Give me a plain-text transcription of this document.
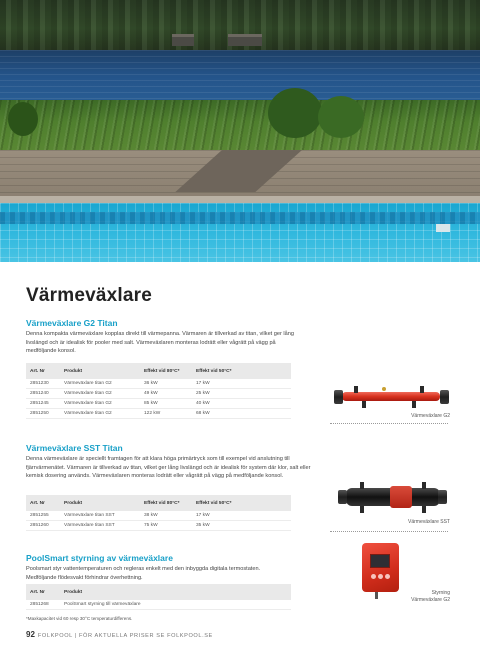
Värmeväxlare
Värmeväxlare G2 Titan
Denna kompakta värmeväxlare kopplas direkt till värmepanna. Värmaren är tillverkad av titan, vilket ger lång livslängd och är idealisk för pooler med salt. Värmeväxlaren monteras lodrätt eller vågrätt på vägg på medföljande konsol.
Art. Nr	Produkt	Effekt vid 80°C*	Effekt vid 50°C*
2851230	Värmeväxlare titan G2	36 kW	17 kW
2851240	Värmeväxlare titan G2	49 kW	25 kW
2851245	Värmeväxlare titan G2	85 kW	40 kW
2851250	Värmeväxlare titan G2	122 kW	68 kW	Värmeväxlare G2
Värmeväxlare SST Titan
Denna värmeväxlare är speciellt framtagen för att klara höga primärtryck som till exempel vid anslutning till fjärrvärmenätet. Värmaren är tillverkad av titan, vilket ger lång livslängd och är idealisk för system där klor, salt eller kemisk dosering används. Värmeväxlaren monteras lodrätt eller vågrätt på vägg på medföljande konsol.
Art. Nr	Produkt	Effekt vid 80°C*	Effekt vid 50°C*
2851255	Värmeväxlare titan SST	38 kW	17 kW
2851260	Värmeväxlare titan SST	75 kW	35 kW
Värmeväxlare SST
PoolSmart styrning av värmeväxlare
Poolsmart styr vattentemperaturen och regleras enkelt med den inbyggda digitala termostaten. Medföljande flödesvakt förhindrar överhettning.
Art. Nr	Produkt
2851268	PoolSmart styrning till värmeväxlare
Styrning
Värmeväxlare G2
*Maxkapacitet vid 60 resp 30°C temperaturdifferens.
92 FOLKPOOL | FÖR AKTUELLA PRISER SE FOLKPOOL.SE
